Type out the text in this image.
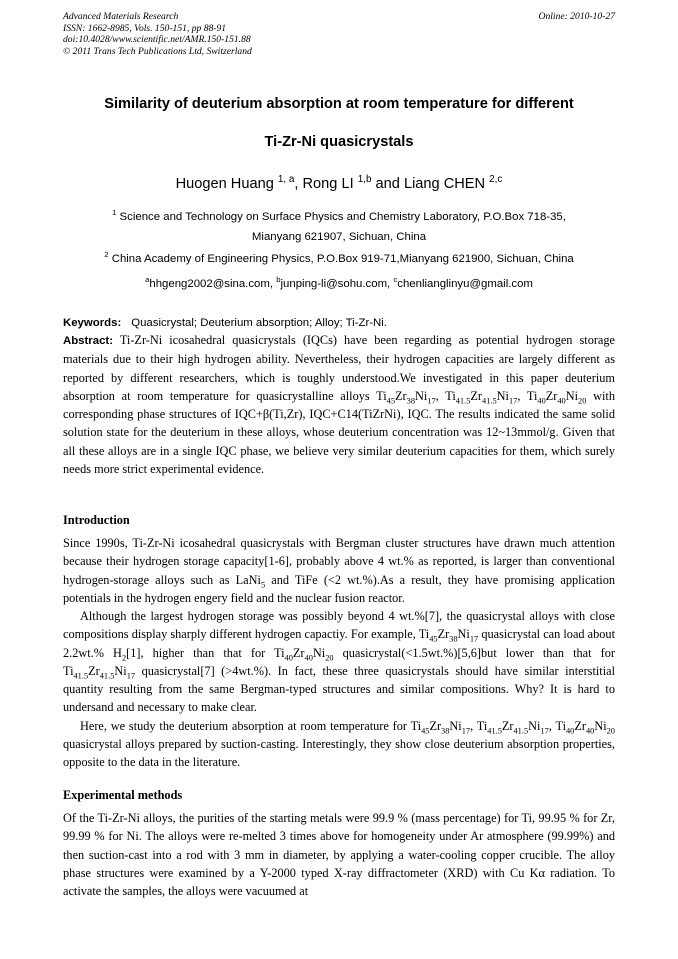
Advanced Materials Research
ISSN: 1662-8985, Vols. 150-151, pp 88-91
doi:10.4028/www.scientific.net/AMR.150-151.88
© 2011 Trans Tech Publications Ltd, Switzerland
Online: 2010-10-27
Similarity of deuterium absorption at room temperature for different
Ti-Zr-Ni quasicrystals
Huogen Huang $^{1, a}$, Rong LI $^{1,b}$ and Liang CHEN $^{2,c}$
$^1$ Science and Technology on Surface Physics and Chemistry Laboratory, P.O.Box 718-35,
Mianyang 621907, Sichuan, China
$^2$ China Academy of Engineering Physics, P.O.Box 919-71,Mianyang 621900, Sichuan, China
$^a$hhgeng2002@sina.com, $^b$junping-li@sohu.com, $^c$chenlianglinyu@gmail.com
Keywords: Quasicrystal; Deuterium absorption; Alloy; Ti-Zr-Ni.

Abstract: Ti-Zr-Ni icosahedral quasicrystals (IQCs) have been regarding as potential hydrogen storage materials due to their high hydrogen ability. Nevertheless, their hydrogen capacities are largely different as reported by different researchers, which is toughly understood.We investigated in this paper deuterium absorption at room temperature for quasicrystalline alloys $Ti_{45}Zr_{38}Ni_{17}$, $Ti_{41.5}Zr_{41.5}Ni_{17}$, $Ti_{40}Zr_{40}Ni_{20}$ with corresponding phase structures of IQC+β(Ti,Zr), IQC+C14(TiZrNi), IQC. The results indicated the same solid solution state for the deuterium in these alloys, whose deuterium concentration was 12~13mmol/g. Given that all these alloys are in a single IQC phase, we believe very similar deuterium capacities for them, which surely needs more strict experimental evidence.

Introduction

Since 1990s, Ti-Zr-Ni icosahedral quasicrystals with Bergman cluster structures have drawn much attention because their hydrogen storage capacity[1-6], probably above 4 wt.% as reported, is larger than conventional hydrogen-storage alloys such as LaNi$_5$ and TiFe (<2 wt.%).As a result, they have promising application potentials in the hydrogen engery field and the nuclear fusion reactor.
Although the largest hydrogen storage was possibly beyond 4 wt.%[7], the quasicrystal alloys with close compositions display sharply different hydrogen capactiy. For example, $Ti_{45}Zr_{38}Ni_{17}$ quasicrystal can load about 2.2wt.% $H_2[1]$, higher than that for $Ti_{40}Zr_{40}Ni_{20}$ quasicrystal(<1.5wt.%)[5,6]but lower than that for $Ti_{41.5}Zr_{41.5}Ni_{17}$ quasicrystal[7] (>4wt.%). In fact, these three quasicrystals should have similar interstitial quantity resulting from the same Bergman-typed structures and similar compositions. Why? It is hard to undersand and necessary to make clear.
Here, we study the deuterium absorption at room temperature for $Ti_{45}Zr_{38}Ni_{17}$, $Ti_{41.5}Zr_{41.5}Ni_{17}$, $Ti_{40}Zr_{40}Ni_{20}$ quasicrystal alloys prepared by suction-casting. Interestingly, they show close deuterium absorption properties, opposite to the data in the literature.

Experimental methods

Of the Ti-Zr-Ni alloys, the purities of the starting metals were 99.9 % (mass percentage) for Ti, 99.95 % for Zr, 99.99 % for Ni. The alloys were re-melted 3 times above for homogeneity under Ar atmosphere (99.99%) and then suction-cast into a rod with 3 mm in diameter, by applying a water-cooling copper crucible. The alloy phase structures were examined by a Y-2000 typed X-ray diffractometer (XRD) with Cu Kα radiation. To activate the samples, the alloys were vacuumed at
